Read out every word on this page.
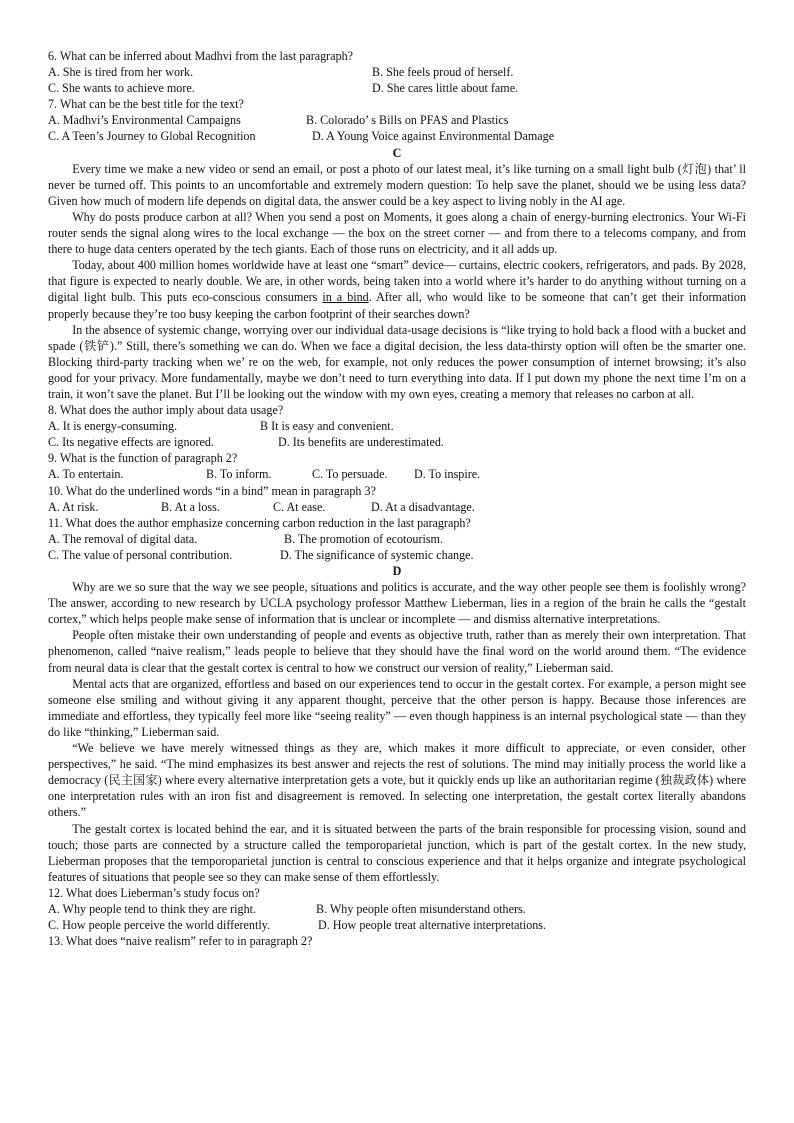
6. What can be inferred about Madhvi from the last paragraph?
A. She is tired from her work.	B. She feels proud of herself.
C. She wants to achieve more.	D. She cares little about fame.
7. What can be the best title for the text?
A. Madhvi’s Environmental Campaigns	B. Colorado’ s Bills on PFAS and Plastics
C. A Teen’s Journey to Global Recognition	D. A Young Voice against Environmental Damage
C

Every time we make a new video or send an email, or post a photo of our latest meal, it’s like turning on a small light bulb (灯泡) that’ ll never be turned off. This points to an uncomfortable and extremely modern question: To help save the planet, should we be using less data? Given how much of modern life depends on digital data, the answer could be a key aspect to living nobly in the AI age.

Why do posts produce carbon at all? When you send a post on Moments, it goes along a chain of energy-burning electronics. Your Wi-Fi router sends the signal along wires to the local exchange — the box on the street corner — and from there to a telecoms company, and from there to huge data centers operated by the tech giants. Each of those runs on electricity, and it all adds up.

Today, about 400 million homes worldwide have at least one “smart” device— curtains, electric cookers, refrigerators, and pads. By 2028, that figure is expected to nearly double. We are, in other words, being taken into a world where it’s harder to do anything without turning on a digital light bulb. This puts eco-conscious consumers in a bind. After all, who would like to be someone that can’t get their information properly because they’re too busy keeping the carbon footprint of their searches down?

In the absence of systemic change, worrying over our individual data-usage decisions is “like trying to hold back a flood with a bucket and spade (铁铲).” Still, there’s something we can do. When we face a digital decision, the less data-thirsty option will often be the smarter one. Blocking third-party tracking when we’ re on the web, for example, not only reduces the power consumption of internet browsing; it’s also good for your privacy. More fundamentally, maybe we don’t need to turn everything into data. If I put down my phone the next time I’m on a train, it won’t save the planet. But I’ll be looking out the window with my own eyes, creating a memory that releases no carbon at all.

8. What does the author imply about data usage?
A. It is energy-consuming.	B It is easy and convenient.
C. Its negative effects are ignored.	D. Its benefits are underestimated.
9. What is the function of paragraph 2?
A. To entertain.	B. To inform.	C. To persuade.	D. To inspire.
10. What do the underlined words “in a bind” mean in paragraph 3?
A. At risk.	B. At a loss.	C. At ease.	D. At a disadvantage.
11. What does the author emphasize concerning carbon reduction in the last paragraph?
A. The removal of digital data.	B. The promotion of ecotourism.
C. The value of personal contribution.	D. The significance of systemic change.
D

Why are we so sure that the way we see people, situations and politics is accurate, and the way other people see them is foolishly wrong? The answer, according to new research by UCLA psychology professor Matthew Lieberman, lies in a region of the brain he calls the “gestalt cortex,” which helps people make sense of information that is unclear or incomplete — and dismiss alternative interpretations.

People often mistake their own understanding of people and events as objective truth, rather than as merely their own interpretation. That phenomenon, called “naive realism,” leads people to believe that they should have the final word on the world around them. “The evidence from neural data is clear that the gestalt cortex is central to how we construct our version of reality,” Lieberman said.

Mental acts that are organized, effortless and based on our experiences tend to occur in the gestalt cortex. For example, a person might see someone else smiling and without giving it any apparent thought, perceive that the other person is happy. Because those inferences are immediate and effortless, they typically feel more like “seeing reality” — even though happiness is an internal psychological state — than they do like “thinking,” Lieberman said.

“We believe we have merely witnessed things as they are, which makes it more difficult to appreciate, or even consider, other perspectives,” he said. “The mind emphasizes its best answer and rejects the rest of solutions. The mind may initially process the world like a democracy (民主国家) where every alternative interpretation gets a vote, but it quickly ends up like an authoritarian regime (独裁政体) where one interpretation rules with an iron fist and disagreement is removed. In selecting one interpretation, the gestalt cortex literally abandons others.”

The gestalt cortex is located behind the ear, and it is situated between the parts of the brain responsible for processing vision, sound and touch; those parts are connected by a structure called the temporoparietal junction, which is part of the gestalt cortex. In the new study, Lieberman proposes that the temporoparietal junction is central to conscious experience and that it helps organize and integrate psychological features of situations that people see so they can make sense of them effortlessly.

12. What does Lieberman’s study focus on?
A. Why people tend to think they are right.	B. Why people often misunderstand others.
C. How people perceive the world differently.	D. How people treat alternative interpretations.
13. What does “naive realism” refer to in paragraph 2?
